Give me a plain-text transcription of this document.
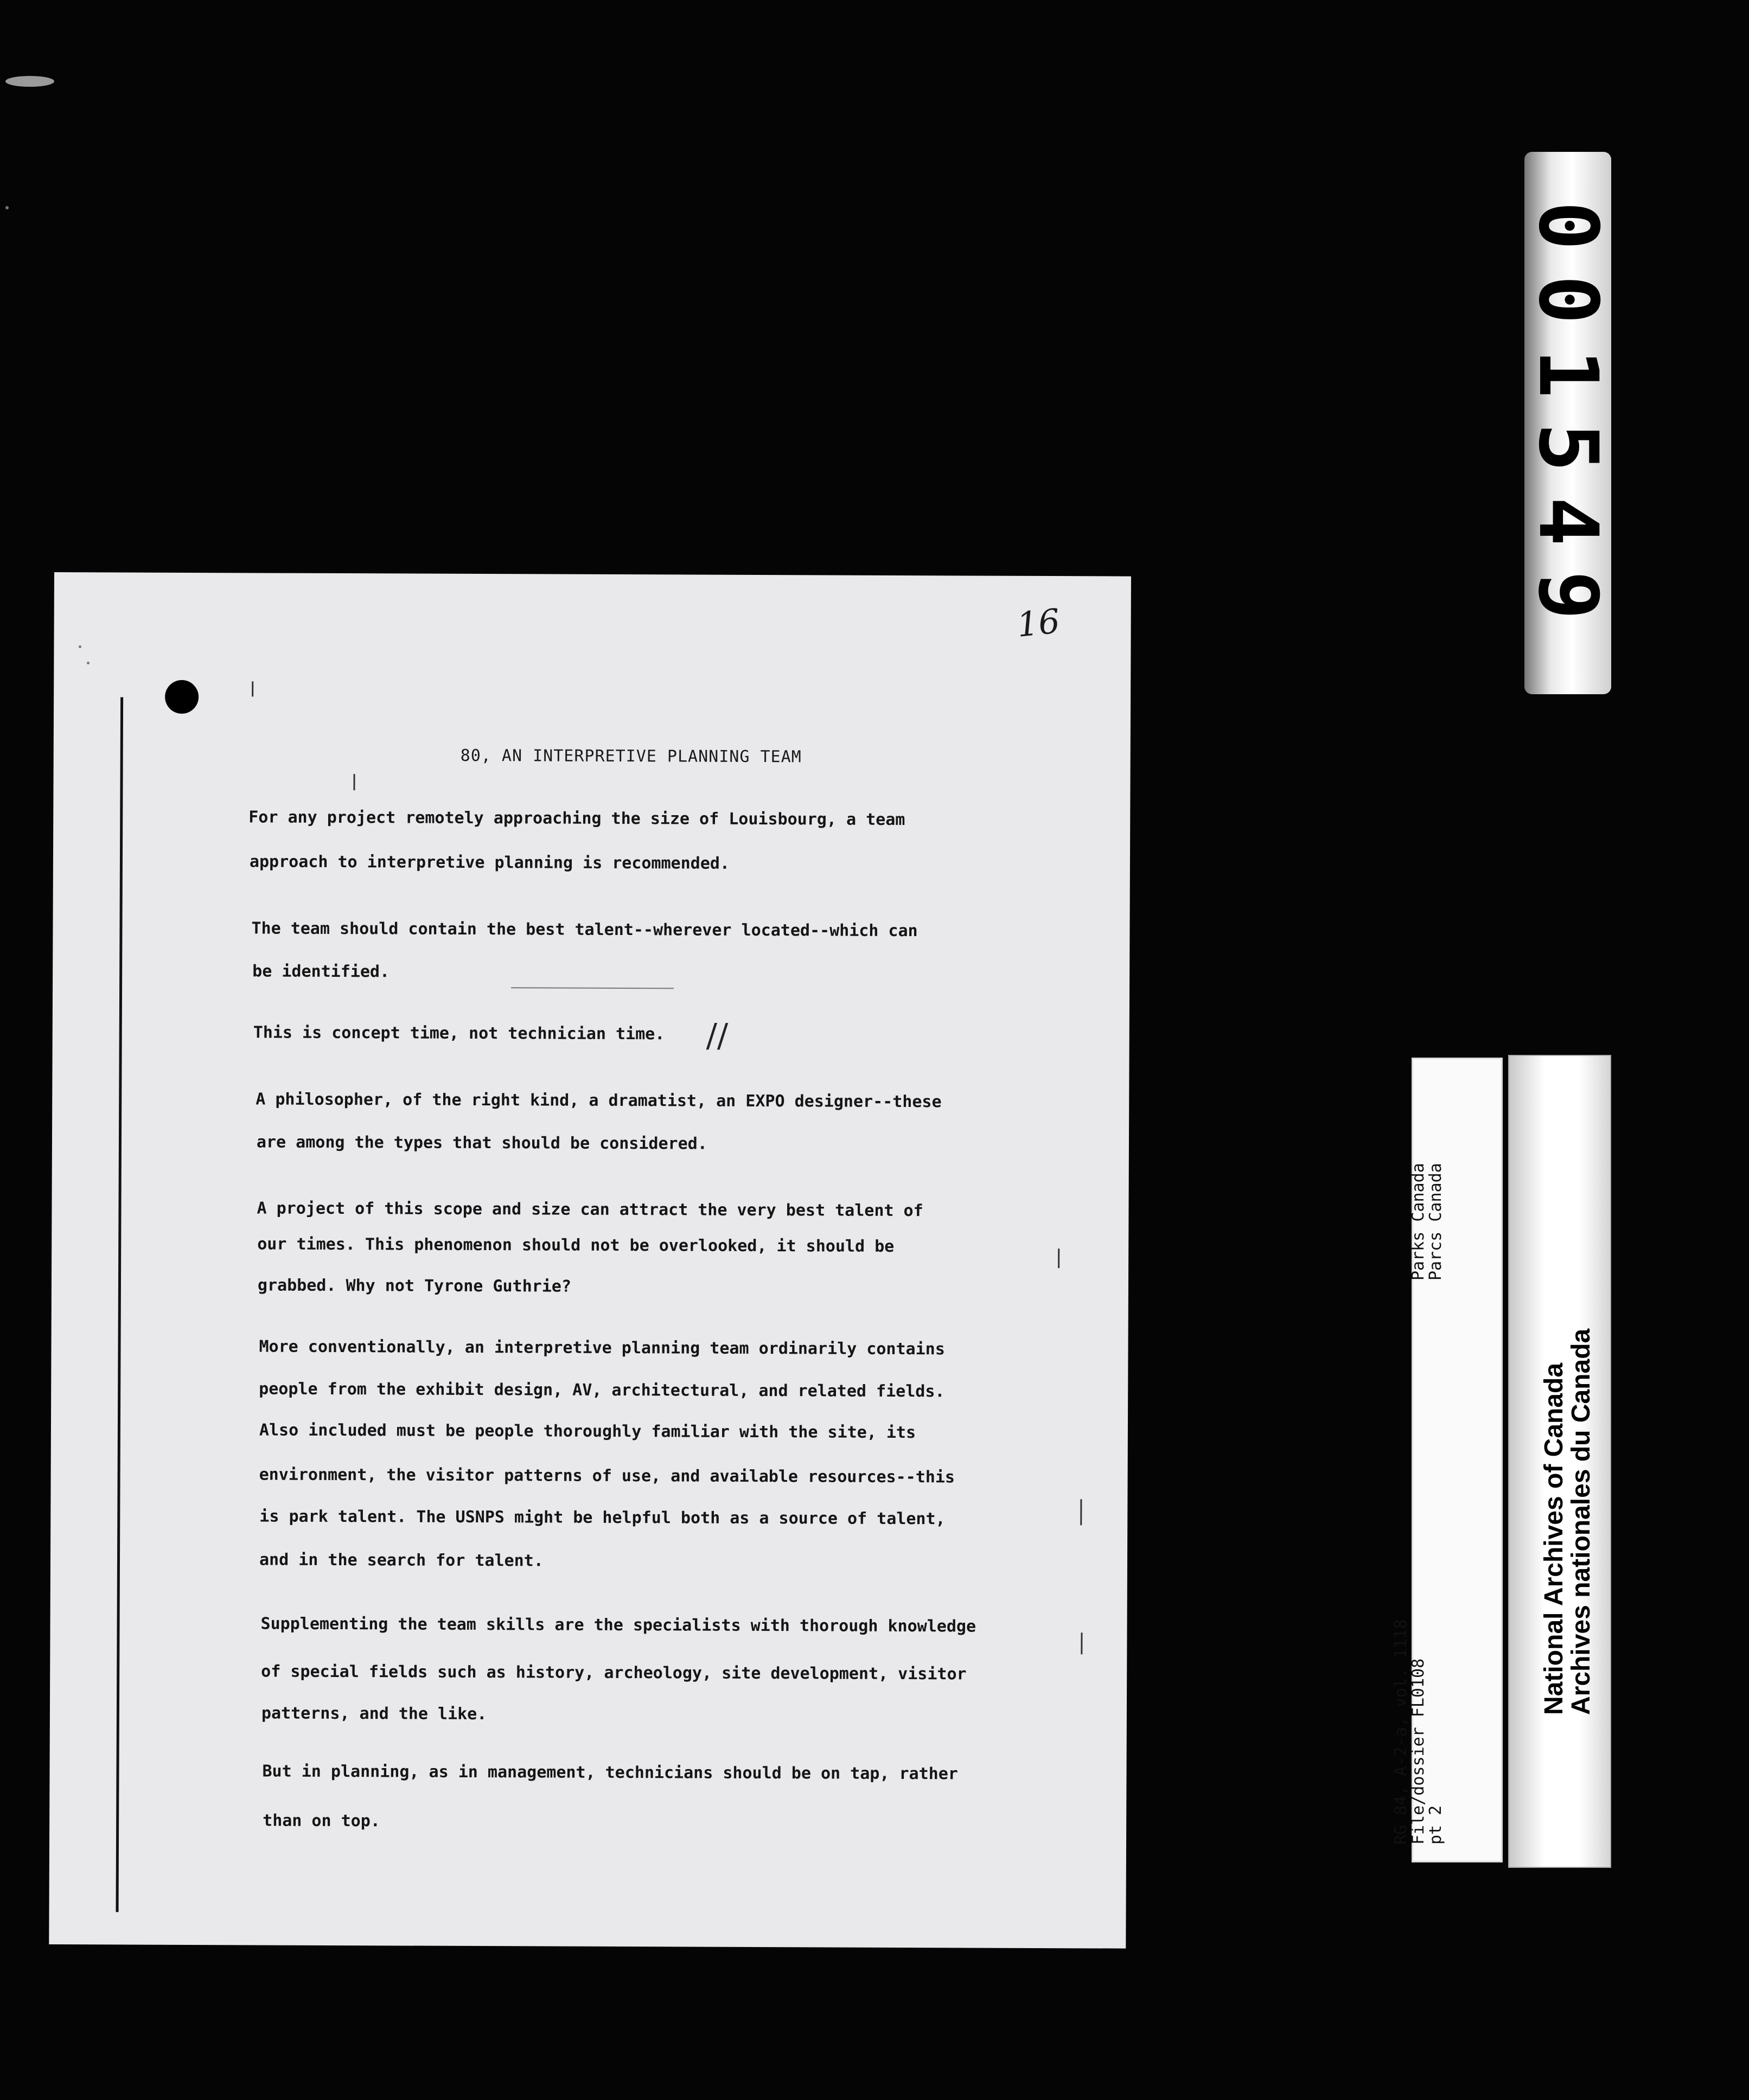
001549
16
80, AN INTERPRETIVE PLANNING TEAM
For any project remotely approaching the size of Louisbourg, a team
approach to interpretive planning is recommended.
The team should contain the best talent--wherever located--which can
be identified.
This is concept time, not technician time. //
A philosopher, of the right kind, a dramatist, an EXPO designer--these
are among the types that should be considered.
A project of this scope and size can attract the very best talent of
our times. This phenomenon should not be overlooked, it should be
grabbed. Why not Tyrone Guthrie?
More conventionally, an interpretive planning team ordinarily contains
people from the exhibit design, AV, architectural, and related fields.
Also included must be people thoroughly familiar with the site, its
environment, the visitor patterns of use, and available resources--this
is park talent. The USNPS might be helpful both as a source of talent,
and in the search for talent.
Supplementing the team skills are the specialists with thorough knowledge
of special fields such as history, archeology, site development, visitor
patterns, and the like.
But in planning, as in management, technicians should be on tap, rather
than on top.	RG 84, A-2-a, vol. 1118
File/dossier FL0108
pt 2
Parks Canada
Parcs Canada
National Archives of Canada
Archives nationales du Canada
